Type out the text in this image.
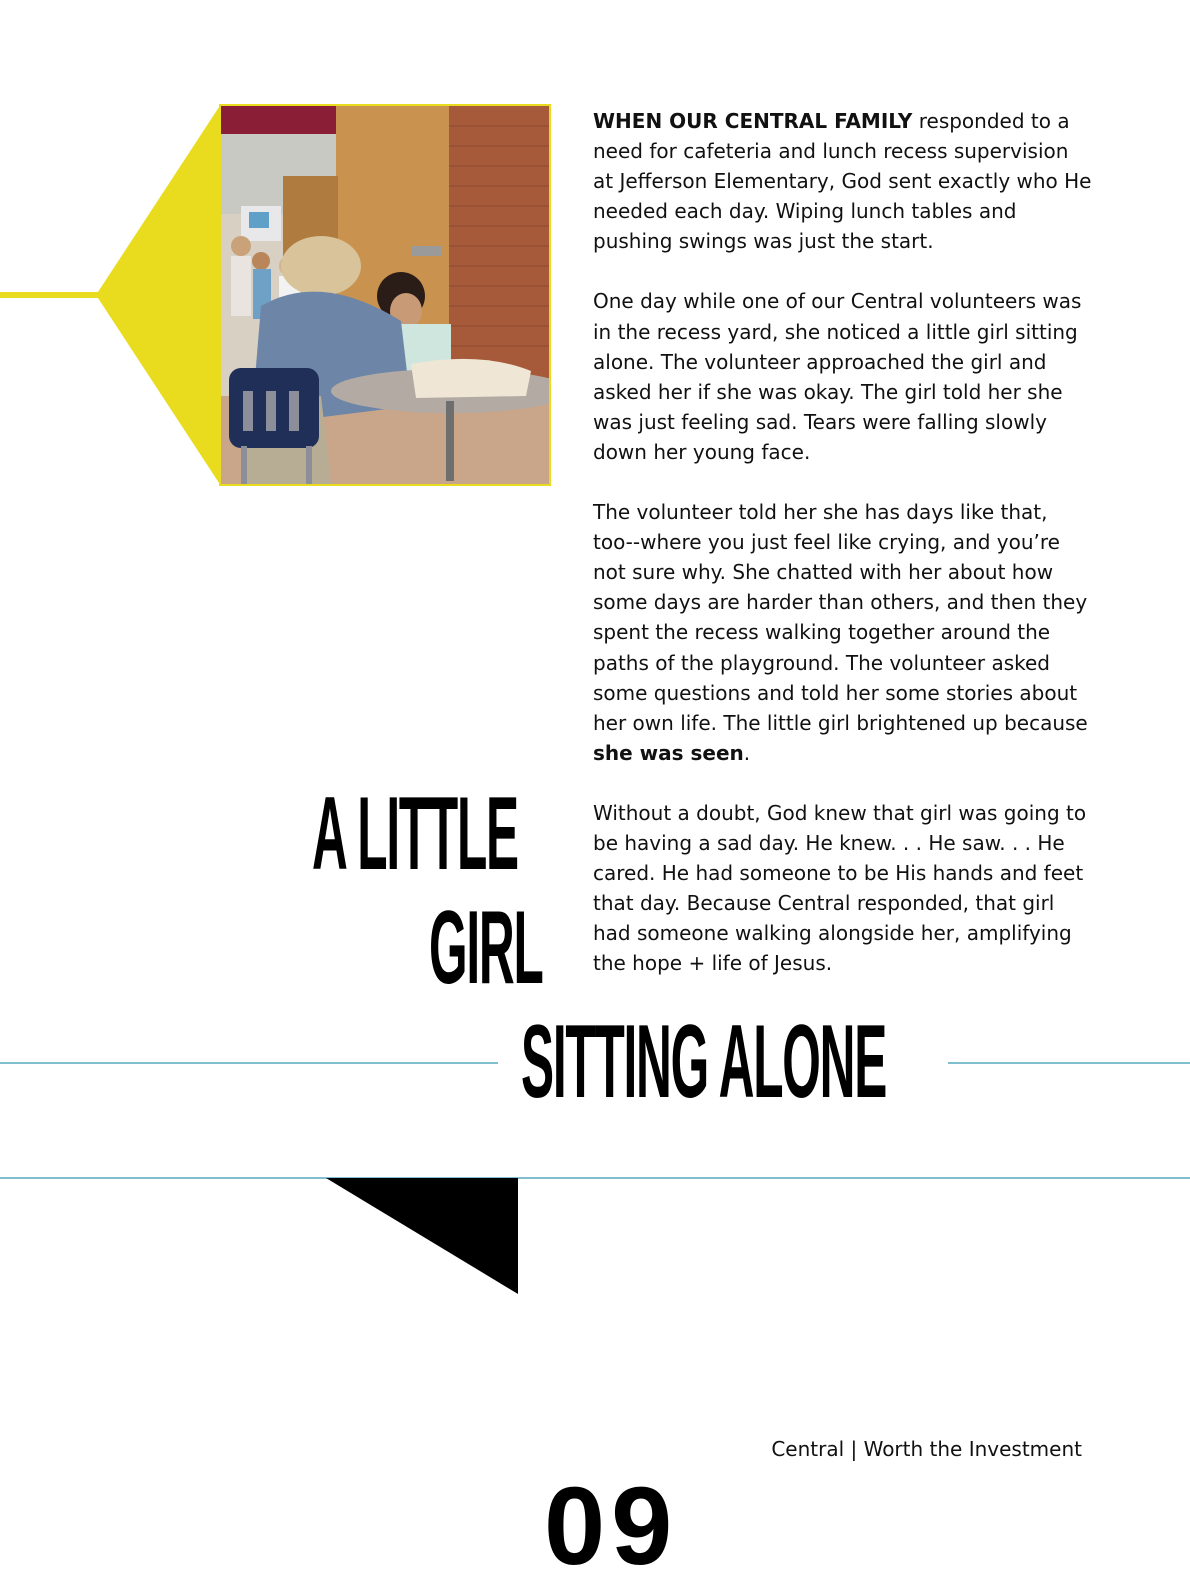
WHEN OUR CENTRAL FAMILY responded to a need for cafeteria and lunch recess supervision at Jefferson Elementary, God sent exactly who He needed each day. Wiping lunch tables and pushing swings was just the start.

One day while one of our Central volunteers was in the recess yard, she noticed a little girl sitting alone. The volunteer approached the girl and asked her if she was okay. The girl told her she was just feeling sad. Tears were falling slowly down her young face.

The volunteer told her she has days like that, too--where you just feel like crying, and you’re not sure why. She chatted with her about how some days are harder than others, and then they spent the recess walking together around the paths of the playground. The volunteer asked some questions and told her some stories about her own life. The little girl brightened up because she was seen.

Without a doubt, God knew that girl was going to be having a sad day. He knew. . . He saw. . . He cared. He had someone to be His hands and feet that day. Because Central responded, that girl had someone walking alongside her, amplifying the hope + life of Jesus.

A LITTLE
GIRL
SITTING ALONE
Central | Worth the Investment
09
